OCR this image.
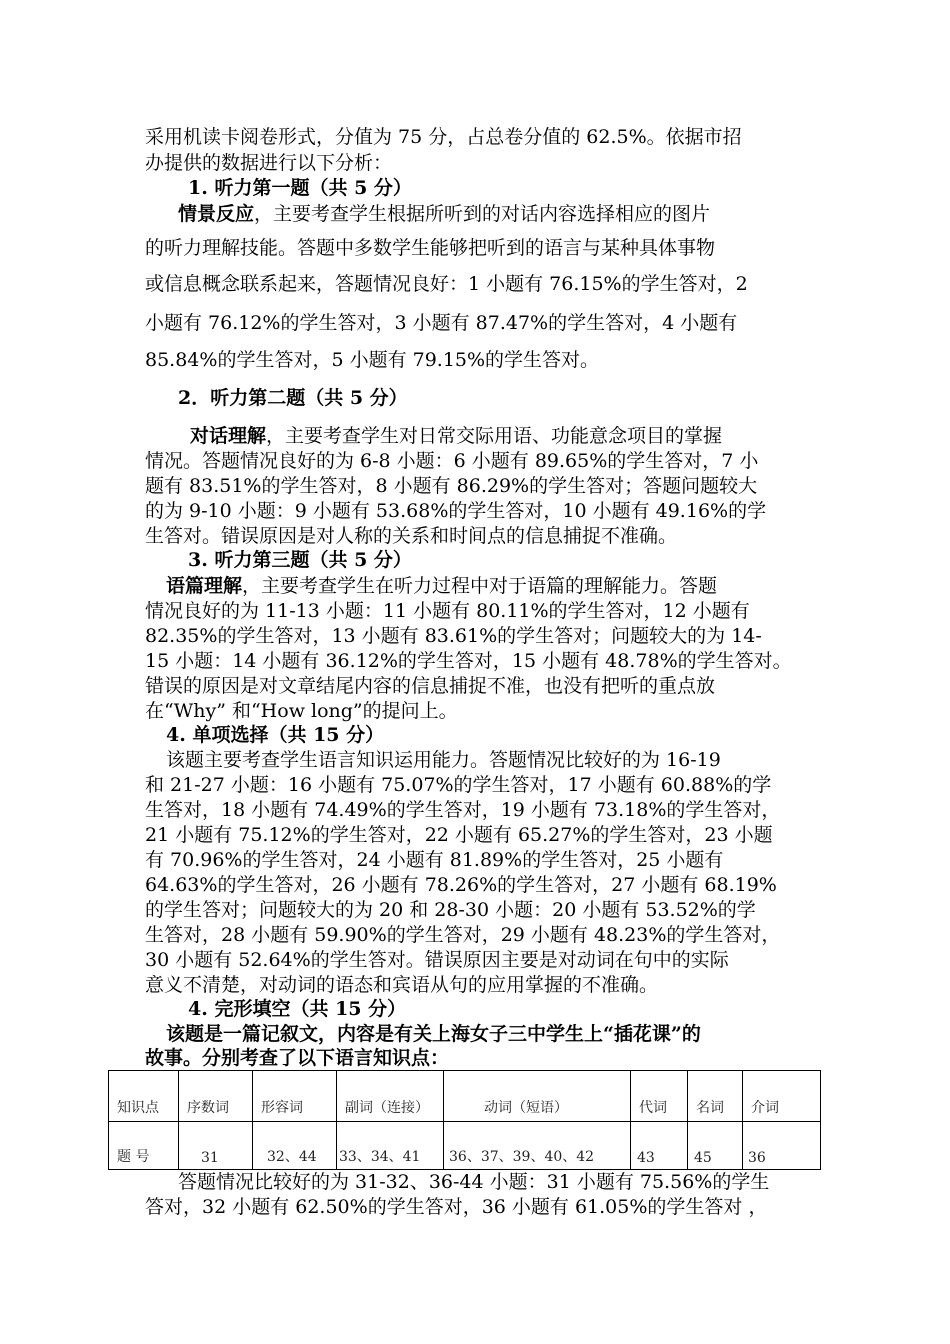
采用机读卡阅卷形式，分值为 75 分，占总卷分值的 62.5%。依据市招
办提供的数据进行以下分析：
1. 听力第一题（共 5 分）
情景反应，主要考查学生根据所听到的对话内容选择相应的图片
的听力理解技能。答题中多数学生能够把听到的语言与某种具体事物
或信息概念联系起来，答题情况良好：1 小题有 76.15%的学生答对，2
小题有 76.12%的学生答对，3 小题有 87.47%的学生答对，4 小题有
85.84%的学生答对，5 小题有 79.15%的学生答对。
2．听力第二题（共 5 分）
对话理解，主要考查学生对日常交际用语、功能意念项目的掌握
情况。答题情况良好的为 6-8 小题：6 小题有 89.65%的学生答对，7 小
题有 83.51%的学生答对，8 小题有 86.29%的学生答对；答题问题较大
的为 9-10 小题：9 小题有 53.68%的学生答对，10 小题有 49.16%的学
生答对。错误原因是对人称的关系和时间点的信息捕捉不准确。
3. 听力第三题（共 5 分）
语篇理解，主要考查学生在听力过程中对于语篇的理解能力。答题
情况良好的为 11-13 小题：11 小题有 80.11%的学生答对，12 小题有
82.35%的学生答对，13 小题有 83.61%的学生答对；问题较大的为 14-
15 小题：14 小题有 36.12%的学生答对，15 小题有 48.78%的学生答对。
错误的原因是对文章结尾内容的信息捕捉不准，也没有把听的重点放
在“Why” 和“How long”的提问上。
4. 单项选择（共 15 分）
该题主要考查学生语言知识运用能力。答题情况比较好的为 16-19
和 21-27 小题：16 小题有 75.07%的学生答对，17 小题有 60.88%的学
生答对，18 小题有 74.49%的学生答对，19 小题有 73.18%的学生答对，
21 小题有 75.12%的学生答对，22 小题有 65.27%的学生答对，23 小题
有 70.96%的学生答对，24 小题有 81.89%的学生答对，25 小题有
64.63%的学生答对，26 小题有 78.26%的学生答对，27 小题有 68.19%
的学生答对；问题较大的为 20 和 28-30 小题：20 小题有 53.52%的学
生答对，28 小题有 59.90%的学生答对，29 小题有 48.23%的学生答对，
30 小题有 52.64%的学生答对。错误原因主要是对动词在句中的实际
意义不清楚，对动词的语态和宾语从句的应用掌握的不准确。
4. 完形填空（共 15 分）
该题是一篇记叙文，内容是有关上海女子三中学生上“插花课”的
故事。分别考查了以下语言知识点：
知识点	序数词	形容词	副词（连接）	动词（短语）	代词	名词	介词
题 号	31	32、44	33、34、41	36、37、39、40、42	43	45	36
答题情况比较好的为 31-32、36-44 小题：31 小题有 75.56%的学生
答对，32 小题有 62.50%的学生答对，36 小题有 61.05%的学生答对 ，
